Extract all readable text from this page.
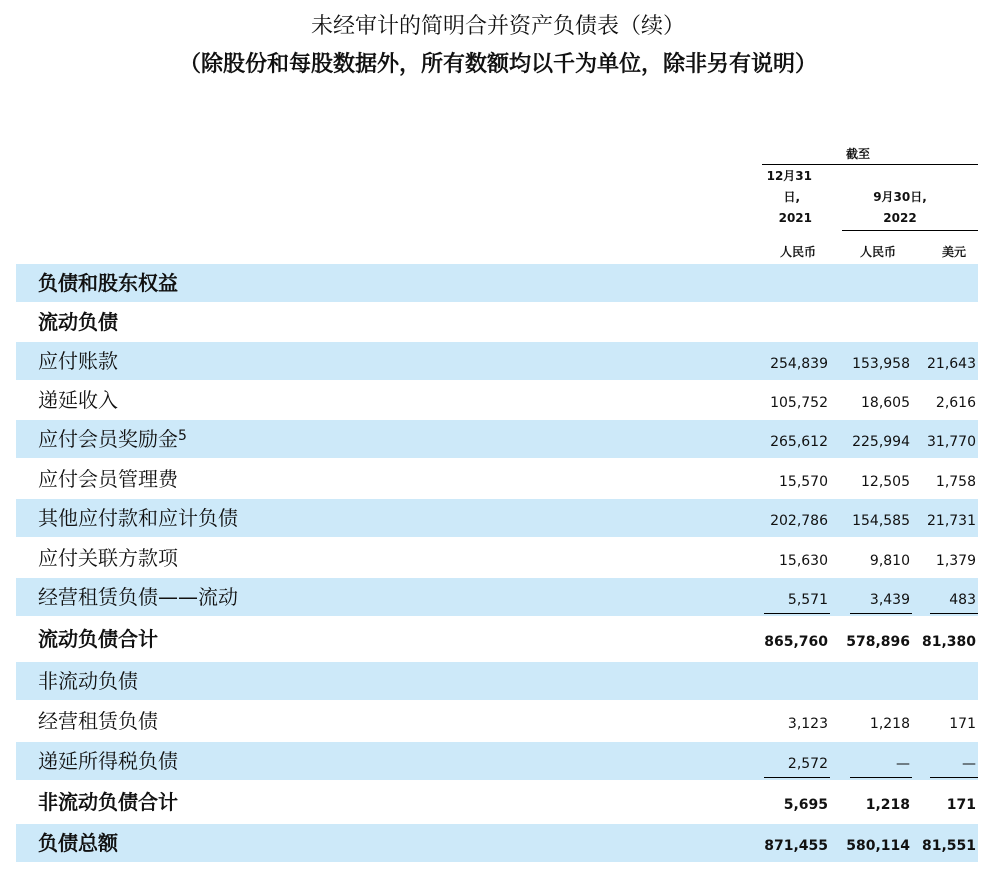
未经审计的简明合并资产负债表（续）
（除股份和每股数据外，所有数额均以千为单位，除非另有说明）
截至
12月31
日,
2021
9月30日,
2022
人民币	人民币	美元
负债和股东权益
流动负债
应付账款	254,839	153,958	21,643
递延收入	105,752	18,605	2,616
应付会员奖励金$^5$	265,612	225,994	31,770
应付会员管理费	15,570	12,505	1,758
其他应付款和应计负债	202,786	154,585	21,731
应付关联方款项	15,630	9,810	1,379
经营租赁负债——流动	5,571	3,439	483
流动负债合计	865,760	578,896 81,380
非流动负债
经营租赁负债	3,123	1,218	171
递延所得税负债	2,572	—	—
非流动负债合计	5,695	1,218	171
负债总额	871,455	580,114 81,551
